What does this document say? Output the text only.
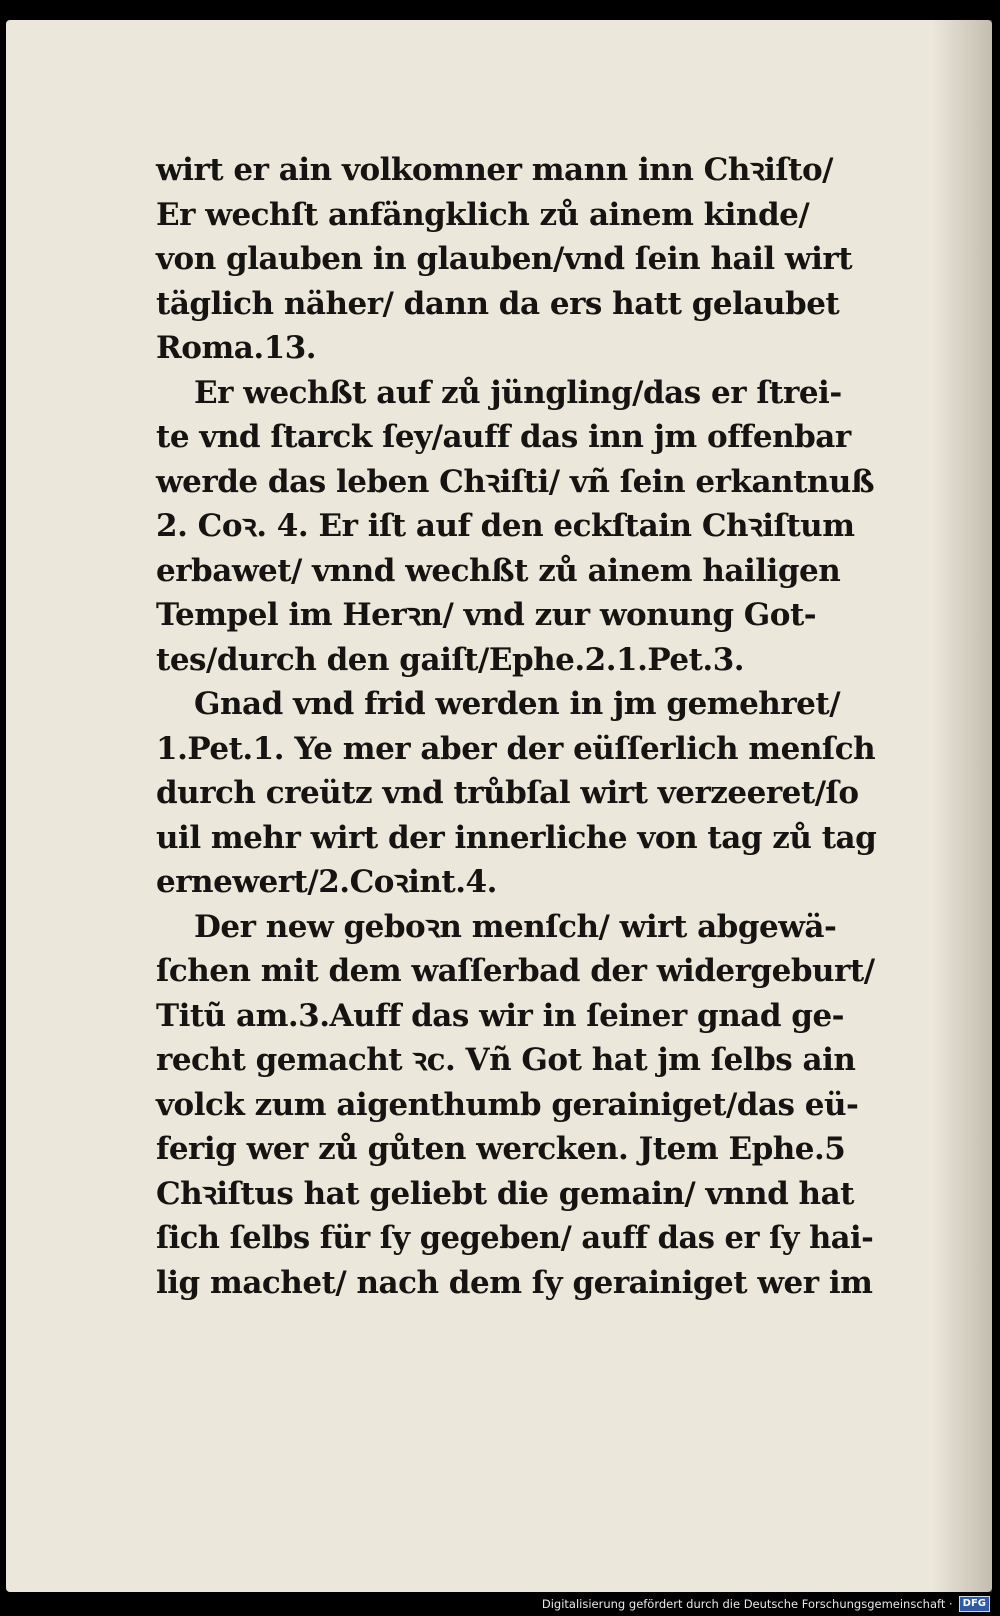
wirt er ain volkomner mann inn Chꝛiſto/
Er wechſt anfängklich zů ainem kinde/
von glauben in glauben/vnd ſein hail wirt
täglich näher/ dann da ers hatt gelaubet
Roma.13.
Er wechßt auf zů jüngling/das er ſtrei-
te vnd ſtarck ſey/auff das inn jm offenbar
werde das leben Chꝛiſti/ vñ ſein erkantnuß
2. Coꝛ. 4. Er iſt auf den eckſtain Chꝛiſtum
erbawet/ vnnd wechßt zů ainem hailigen
Tempel im Herꝛn/ vnd zur wonung Got-
tes/durch den gaiſt/Ephe.2.1.Pet.3.
Gnad vnd frid werden in jm gemehret/
1.Pet.1. Ye mer aber der eüſſerlich menſch
durch creütz vnd trůbſal wirt verzeeret/ſo
uil mehr wirt der innerliche von tag zů tag
ernewert/2.Coꝛint.4.
Der new geboꝛn menſch/ wirt abgewä-
ſchen mit dem waſſerbad der widergeburt/
Titũ am.3.Auff das wir in ſeiner gnad ge-
recht gemacht ꝛc. Vñ Got hat jm ſelbs ain
volck zum aigenthumb gerainiget/das eü-
ferig wer zů gůten wercken. Jtem Ephe.5
Chꝛiſtus hat geliebt die gemain/ vnnd hat
ſich ſelbs für ſy gegeben/ auff das er ſy hai-
lig machet/ nach dem ſy gerainiget wer im
Digitalisierung gefördert durch die Deutsche Forschungsgemeinschaft ·	DFG
